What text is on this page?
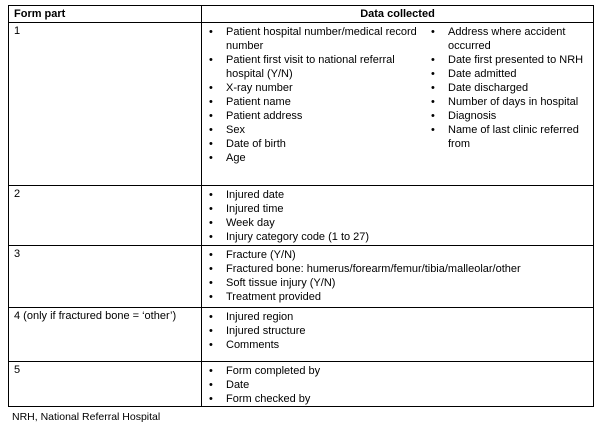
Form part	Data collected
1	•	Patient hospital number/medical record number
•	Patient first visit to national referral hospital (Y/N)
•	X-ray number
•	Patient name
•	Patient address
•	Sex
•	Date of birth
•	Age
•	Address where accident occurred
•	Date first presented to NRH
•	Date admitted
•	Date discharged
•	Number of days in hospital
•	Diagnosis
•	Name of last clinic referred from

2	•	Injured date
•	Injured time
•	Week day
•	Injury category code (1 to 27)

3	•	Fracture (Y/N)
•	Fractured bone: humerus/forearm/femur/tibia/malleolar/other
•	Soft tissue injury (Y/N)
•	Treatment provided

4 (only if fractured bone = ‘other’)	•	Injured region
•	Injured structure
•	Comments

5	•	Form completed by
•	Date
•	Form checked by
NRH, National Referral Hospital
